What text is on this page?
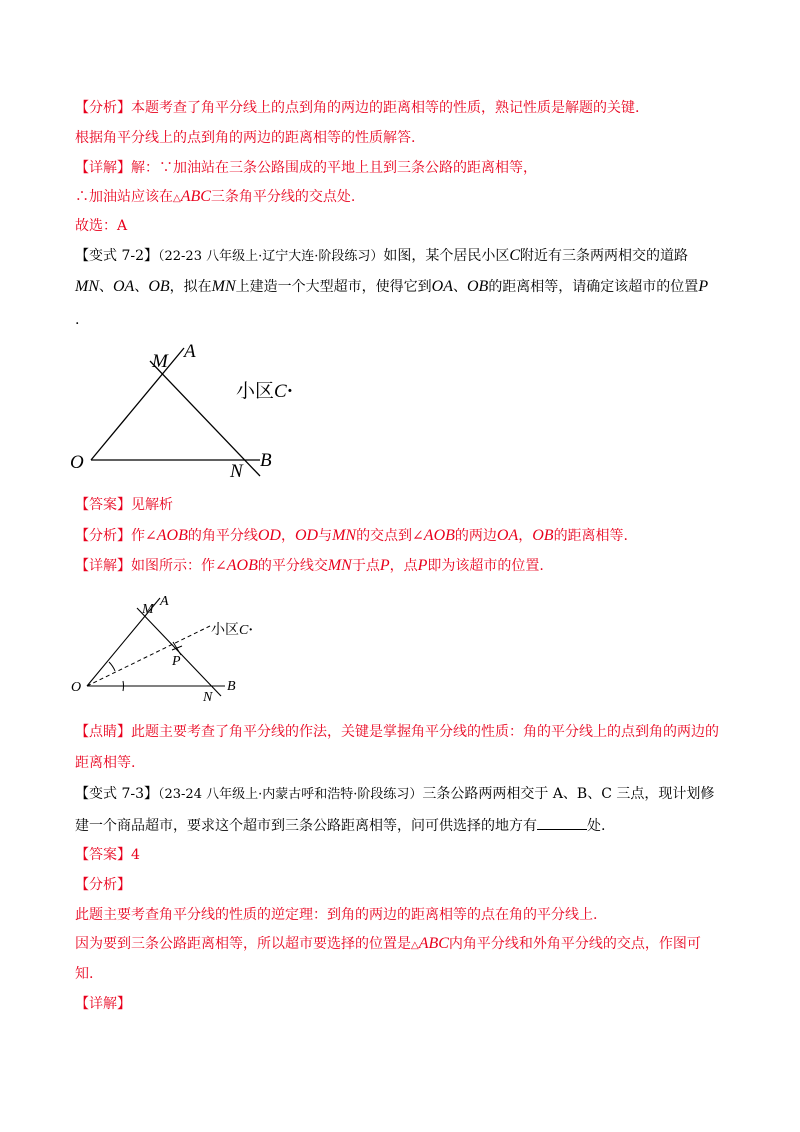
【分析】本题考查了角平分线上的点到角的两边的距离相等的性质，熟记性质是解题的关键.
根据角平分线上的点到角的两边的距离相等的性质解答.
【详解】解：∵加油站在三条公路围成的平地上且到三条公路的距离相等，
∴加油站应该在△ABC三条角平分线的交点处.
故选：A
【变式 7-2】（22-23 八年级上·辽宁大连·阶段练习）如图，某个居民小区C附近有三条两两相交的道路
MN、OA、OB，拟在MN上建造一个大型超市，使得它到OA、OB的距离相等，请确定该超市的位置P
.
M A
O	N
B
小区C·
【答案】见解析
【分析】作∠AOB的角平分线OD，OD与MN的交点到∠AOB的两边OA，OB的距离相等.
【详解】如图所示：作∠AOB的平分线交MN于点P，点P即为该超市的位置.
M
A
O
N
B
P
小区C·
【点睛】此题主要考查了角平分线的作法，关键是掌握角平分线的性质：角的平分线上的点到角的两边的
距离相等.
【变式 7-3】（23-24 八年级上·内蒙古呼和浩特·阶段练习）三条公路两两相交于 A、B、C 三点，现计划修
建一个商品超市，要求这个超市到三条公路距离相等，问可供选择的地方有	处.
【答案】4
【分析】
此题主要考查角平分线的性质的逆定理：到角的两边的距离相等的点在角的平分线上.
因为要到三条公路距离相等，所以超市要选择的位置是△ABC内角平分线和外角平分线的交点，作图可
知.
【详解】
